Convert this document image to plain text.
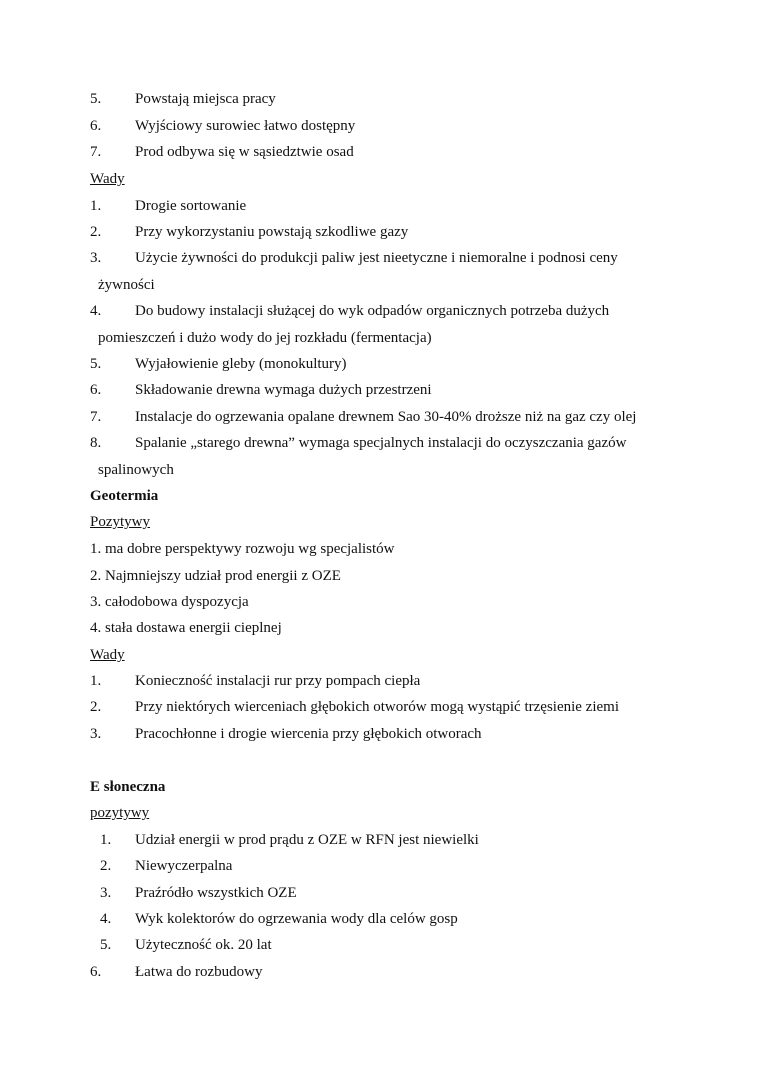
5. Powstają miejsca pracy
6. Wyjściowy surowiec łatwo dostępny
7. Prod odbywa się w sąsiedztwie osad
Wady
1. Drogie sortowanie
2. Przy wykorzystaniu powstają szkodliwe gazy
3. Użycie żywności do produkcji paliw jest nieetyczne i niemoralne i podnosi ceny
żywności
4. Do budowy instalacji służącej do wyk odpadów organicznych potrzeba dużych
pomieszczeń i dużo wody do jej rozkładu (fermentacja)
5. Wyjałowienie gleby (monokultury)
6. Składowanie drewna wymaga dużych przestrzeni
7. Instalacje do ogrzewania opalane drewnem Sao 30-40% droższe niż na gaz czy olej
8. Spalanie „starego drewna” wymaga specjalnych instalacji do oczyszczania gazów
spalinowych
Geotermia
Pozytywy
1. ma dobre perspektywy rozwoju wg specjalistów
2. Najmniejszy udział prod energii z OZE
3. całodobowa dyspozycja
4. stała dostawa energii cieplnej
Wady
1. Konieczność instalacji rur przy pompach ciepła
2. Przy niektórych wierceniach głębokich otworów mogą wystąpić trzęsienie ziemi
3. Pracochłonne i drogie wiercenia przy głębokich otworach
E słoneczna
pozytywy
1. Udział energii w prod prądu z OZE w RFN jest niewielki
2. Niewyczerpalna
3. Praźródło wszystkich OZE
4. Wyk kolektorów do ogrzewania wody dla celów gosp
5. Użyteczność ok. 20 lat
6. Łatwa do rozbudowy
